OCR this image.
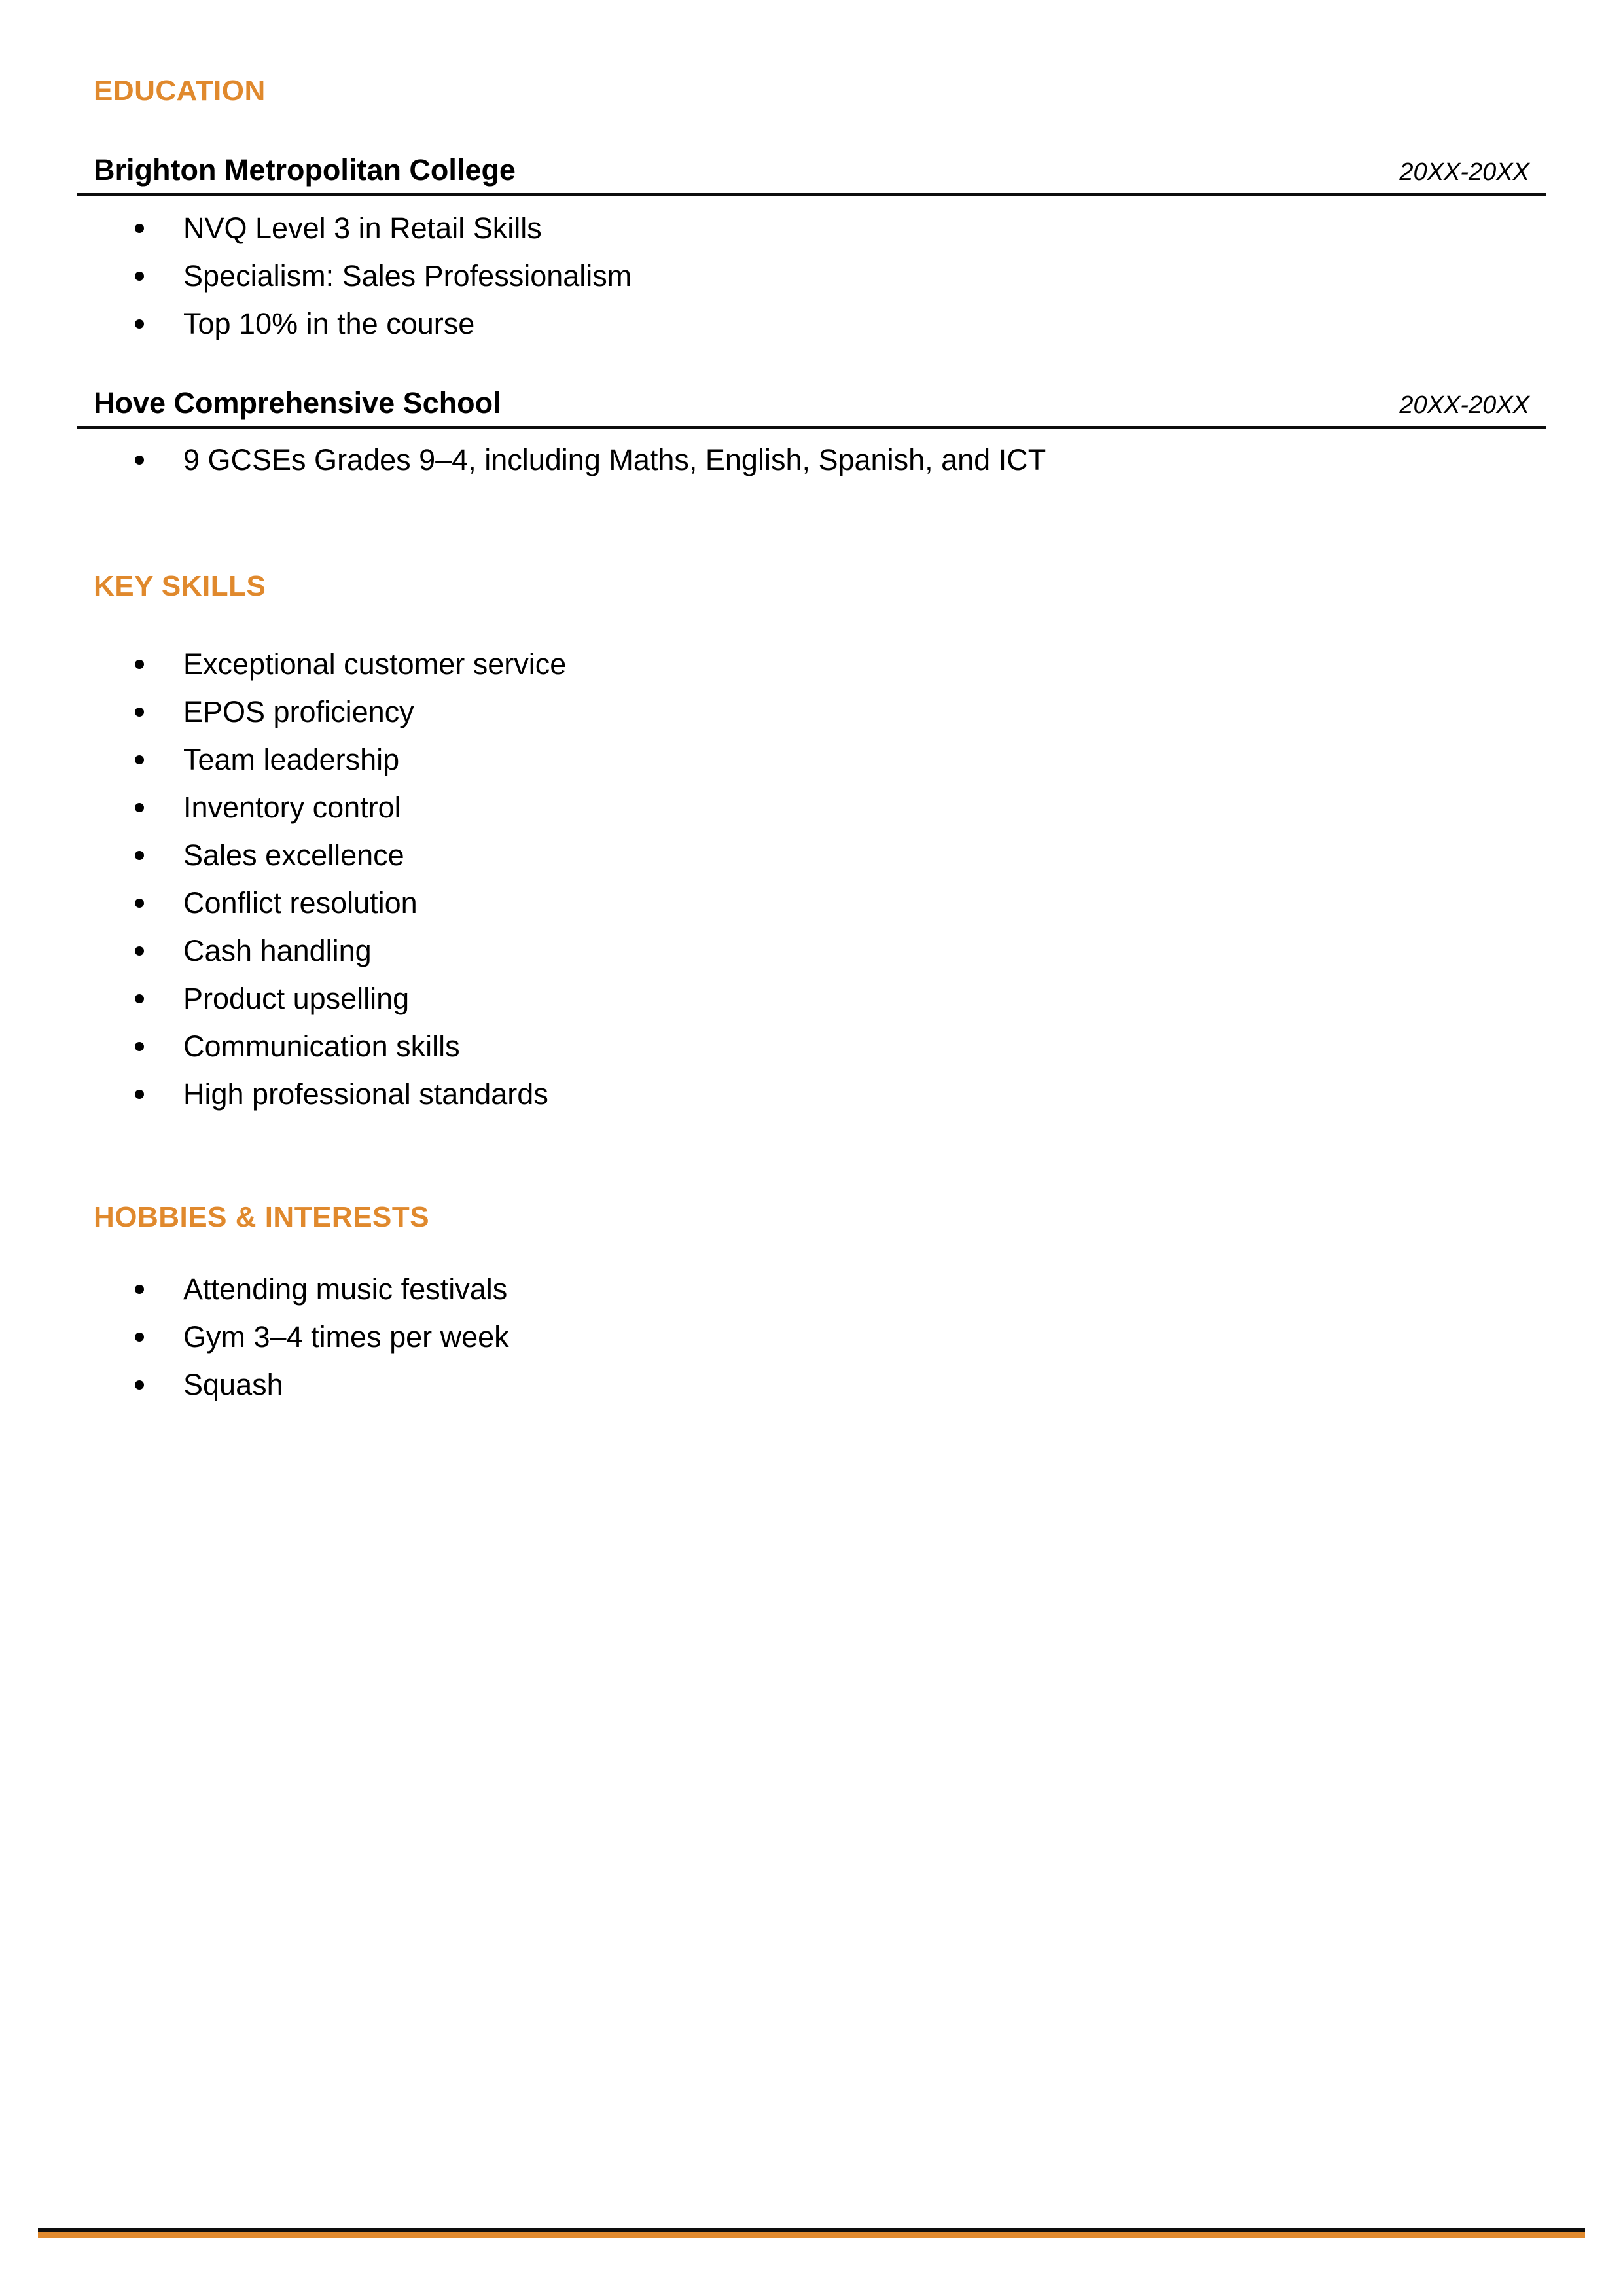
EDUCATION
Brighton Metropolitan College	20XX-20XX
NVQ Level 3 in Retail Skills
Specialism: Sales Professionalism
Top 10% in the course
Hove Comprehensive School	20XX-20XX
9 GCSEs Grades 9–4, including Maths, English, Spanish, and ICT
KEY SKILLS
Exceptional customer service
EPOS proficiency
Team leadership
Inventory control
Sales excellence
Conflict resolution
Cash handling
Product upselling
Communication skills
High professional standards
HOBBIES & INTERESTS
Attending music festivals
Gym 3–4 times per week
Squash
